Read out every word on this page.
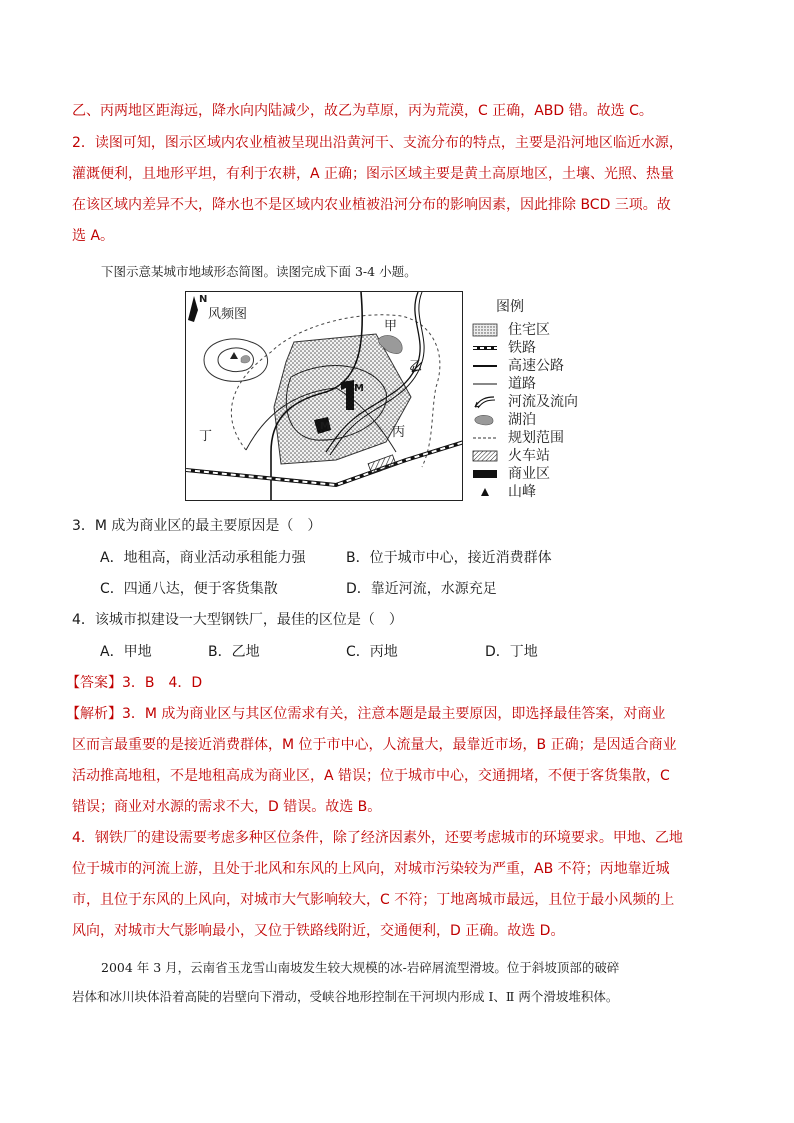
乙、丙两地区距海远，降水向内陆减少，故乙为草原，丙为荒漠，C 正确，ABD 错。故选 C。
2．读图可知，图示区域内农业植被呈现出沿黄河干、支流分布的特点，主要是沿河地区临近水源，
灌溉便利，且地形平坦，有利于农耕，A 正确；图示区域主要是黄土高原地区，土壤、光照、热量
在该区域内差异不大，降水也不是区域内农业植被沿河分布的影响因素，因此排除 BCD 三项。故
选 A。
下图示意某城市地域形态简图。读图完成下面 3-4 小题。
N
风频图
甲
乙
丙
丁
M
M
图例
住宅区
铁路
高速公路
道路
河流及流向
湖泊
规划范围
火车站
商业区
山峰
3．M 成为商业区的最主要原因是（　）
A．地租高，商业活动承租能力强	B．位于城市中心，接近消费群体
C．四通八达，便于客货集散	D．靠近河流，水源充足
4．该城市拟建设一大型钢铁厂，最佳的区位是（　）
A．甲地	B．乙地	C．丙地	D．丁地
【答案】3．B　4．D
【解析】3．M 成为商业区与其区位需求有关，注意本题是最主要原因，即选择最佳答案，对商业
区而言最重要的是接近消费群体，M 位于市中心，人流量大，最靠近市场，B 正确；是因适合商业
活动推高地租，不是地租高成为商业区，A 错误；位于城市中心，交通拥堵，不便于客货集散，C
错误；商业对水源的需求不大，D 错误。故选 B。
4．钢铁厂的建设需要考虑多种区位条件，除了经济因素外，还要考虑城市的环境要求。甲地、乙地
位于城市的河流上游，且处于北风和东风的上风向，对城市污染较为严重，AB 不符；丙地靠近城
市，且位于东风的上风向，对城市大气影响较大，C 不符；丁地离城市最远，且位于最小风频的上
风向，对城市大气影响最小，又位于铁路线附近，交通便利，D 正确。故选 D。
2004 年 3 月，云南省玉龙雪山南坡发生较大规模的冰-岩碎屑流型滑坡。位于斜坡顶部的破碎
岩体和冰川块体沿着高陡的岩壁向下滑动，受峡谷地形控制在干河坝内形成 Ⅰ、Ⅱ 两个滑坡堆积体。
